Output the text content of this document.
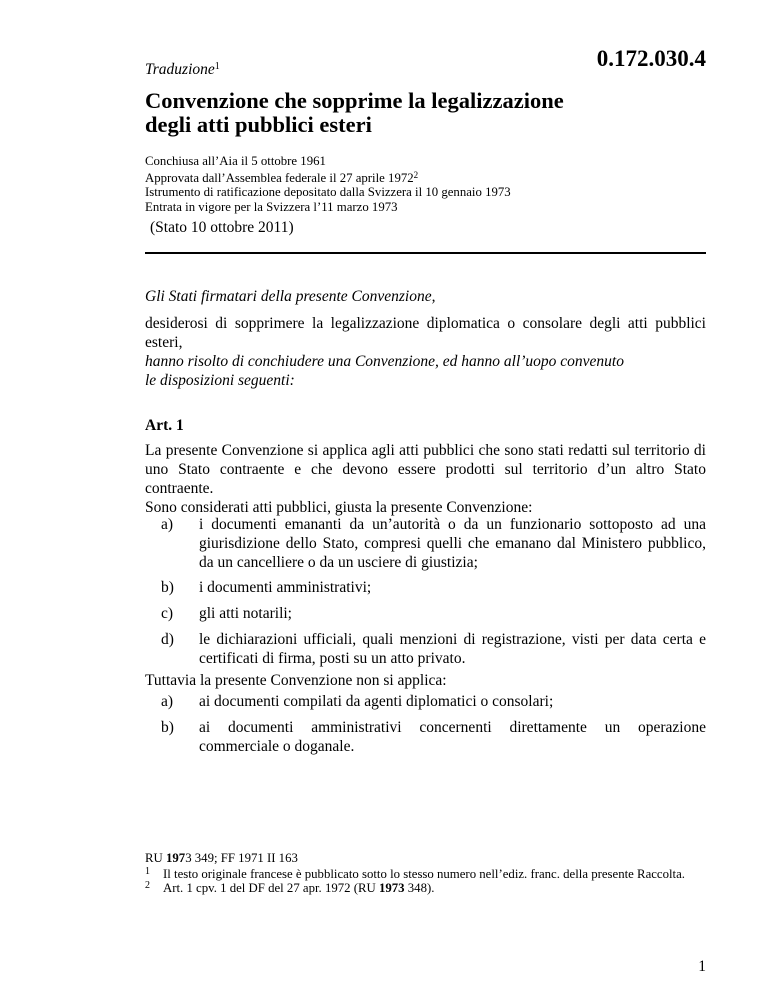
Traduzione$^1$	0.172.030.4
Convenzione che sopprime la legalizzazione
degli atti pubblici esteri
Conchiusa all’Aia il 5 ottobre 1961
Approvata dall’Assemblea federale il 27 aprile 1972$^2$
Istrumento di ratificazione depositato dalla Svizzera il 10 gennaio 1973
Entrata in vigore per la Svizzera l’11 marzo 1973
(Stato 10 ottobre 2011)
Gli Stati firmatari della presente Convenzione,
desiderosi di sopprimere la legalizzazione diplomatica o consolare degli atti pubblici esteri,
hanno risolto di conchiudere una Convenzione, ed hanno all’uopo convenuto
le disposizioni seguenti:
Art. 1
La presente Convenzione si applica agli atti pubblici che sono stati redatti sul territorio di uno Stato contraente e che devono essere prodotti sul territorio d’un altro Stato contraente.
Sono considerati atti pubblici, giusta la presente Convenzione:
a) i documenti emananti da un’autorità o da un funzionario sottoposto ad una giurisdizione dello Stato, compresi quelli che emanano dal Ministero pubblico, da un cancelliere o da un usciere di giustizia;
b) i documenti amministrativi;
c) gli atti notarili;
d) le dichiarazioni ufficiali, quali menzioni di registrazione, visti per data certa e certificati di firma, posti su un atto privato.
Tuttavia la presente Convenzione non si applica:
a) ai documenti compilati da agenti diplomatici o consolari;
b) ai documenti amministrativi concernenti direttamente un operazione commerciale o doganale.
RU 1973 349; FF 1971 II 163
1 Il testo originale francese è pubblicato sotto lo stesso numero nell’ediz. franc. della presente Raccolta.
2 Art. 1 cpv. 1 del DF del 27 apr. 1972 (RU 1973 348).
1
